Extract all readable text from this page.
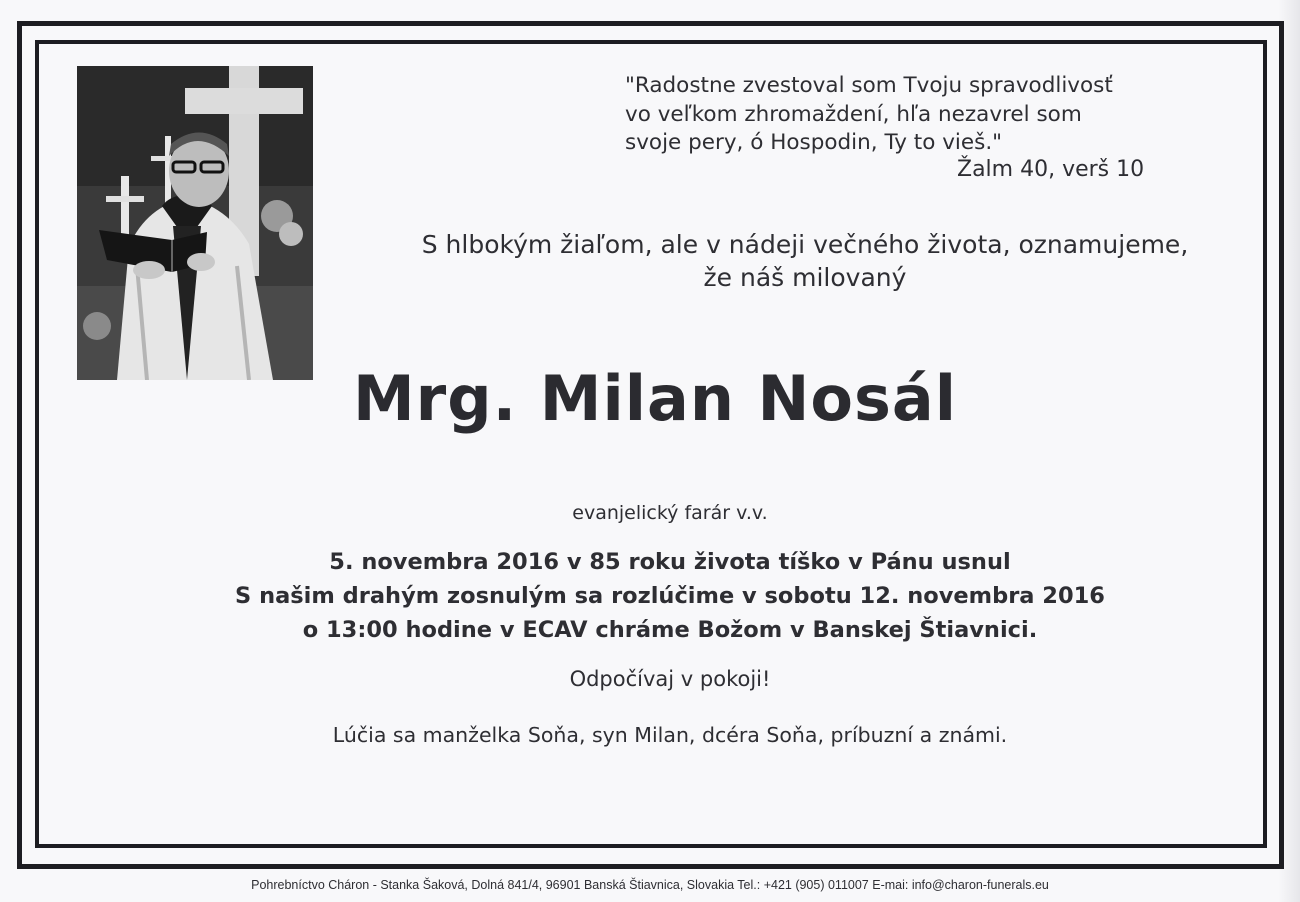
"Radostne zvestoval som Tvoju spravodlivosť
vo veľkom zhromaždení, hľa nezavrel som
svoje pery, ó Hospodin, Ty to vieš."
Žalm 40, verš 10
S hlbokým žiaľom, ale v nádeji večného života, oznamujeme,
že náš milovaný
Mrg. Milan Nosál
evanjelický farár v.v.
5. novembra 2016 v 85 roku života tíško v Pánu usnul
S našim drahým zosnulým sa rozlúčime v sobotu 12. novembra 2016
o 13:00 hodine v ECAV chráme Božom v Banskej Štiavnici.
Odpočívaj v pokoji!
Lúčia sa manželka Soňa, syn Milan, dcéra Soňa, príbuzní a známi.
Pohrebníctvo Cháron - Stanka Šaková, Dolná 841/4, 96901 Banská Štiavnica, Slovakia Tel.: +421 (905) 011007 E-mai: info@charon-funerals.eu
